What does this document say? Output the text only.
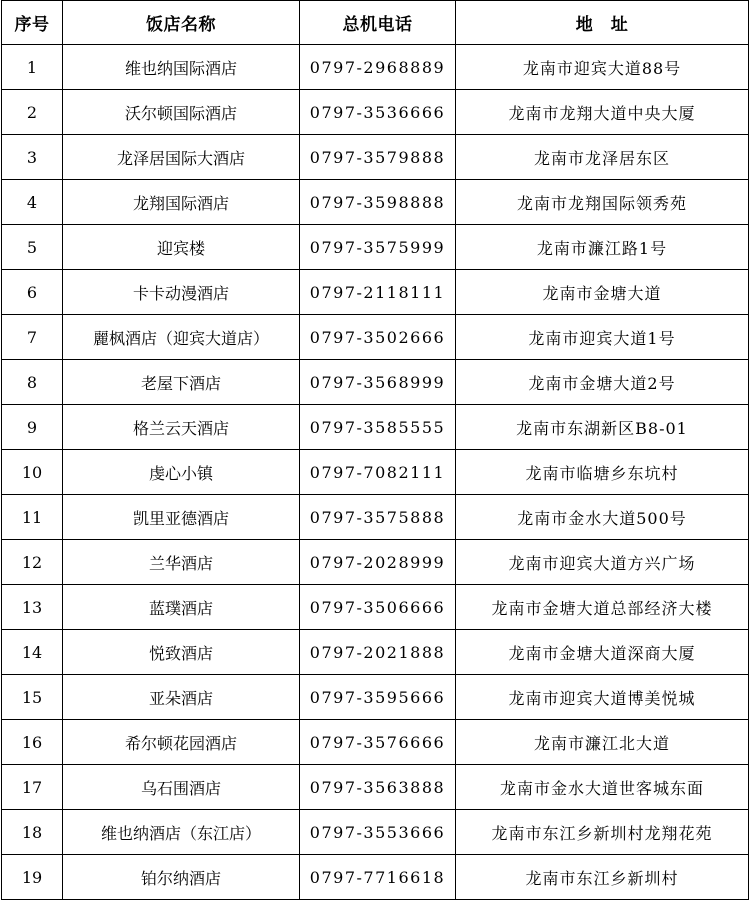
序号	饭店名称	总机电话	地　址
1	维也纳国际酒店	0797-2968889	龙南市迎宾大道88号
2	沃尔顿国际酒店	0797-3536666	龙南市龙翔大道中央大厦
3	龙泽居国际大酒店	0797-3579888	龙南市龙泽居东区
4	龙翔国际酒店	0797-3598888	龙南市龙翔国际领秀苑
5	迎宾楼	0797-3575999	龙南市濂江路1号
6	卡卡动漫酒店	0797-2118111	龙南市金塘大道
7	麗枫酒店（迎宾大道店）	0797-3502666	龙南市迎宾大道1号
8	老屋下酒店	0797-3568999	龙南市金塘大道2号
9	格兰云天酒店	0797-3585555	龙南市东湖新区B8-01
10	虔心小镇	0797-7082111	龙南市临塘乡东坑村
11	凯里亚德酒店	0797-3575888	龙南市金水大道500号
12	兰华酒店	0797-2028999	龙南市迎宾大道方兴广场
13	蓝璞酒店	0797-3506666	龙南市金塘大道总部经济大楼
14	悦致酒店	0797-2021888	龙南市金塘大道深商大厦
15	亚朵酒店	0797-3595666	龙南市迎宾大道博美悦城
16	希尔顿花园酒店	0797-3576666	龙南市濂江北大道
17	乌石围酒店	0797-3563888	龙南市金水大道世客城东面
18	维也纳酒店（东江店）	0797-3553666	龙南市东江乡新圳村龙翔花苑
19	铂尔纳酒店	0797-7716618	龙南市东江乡新圳村
